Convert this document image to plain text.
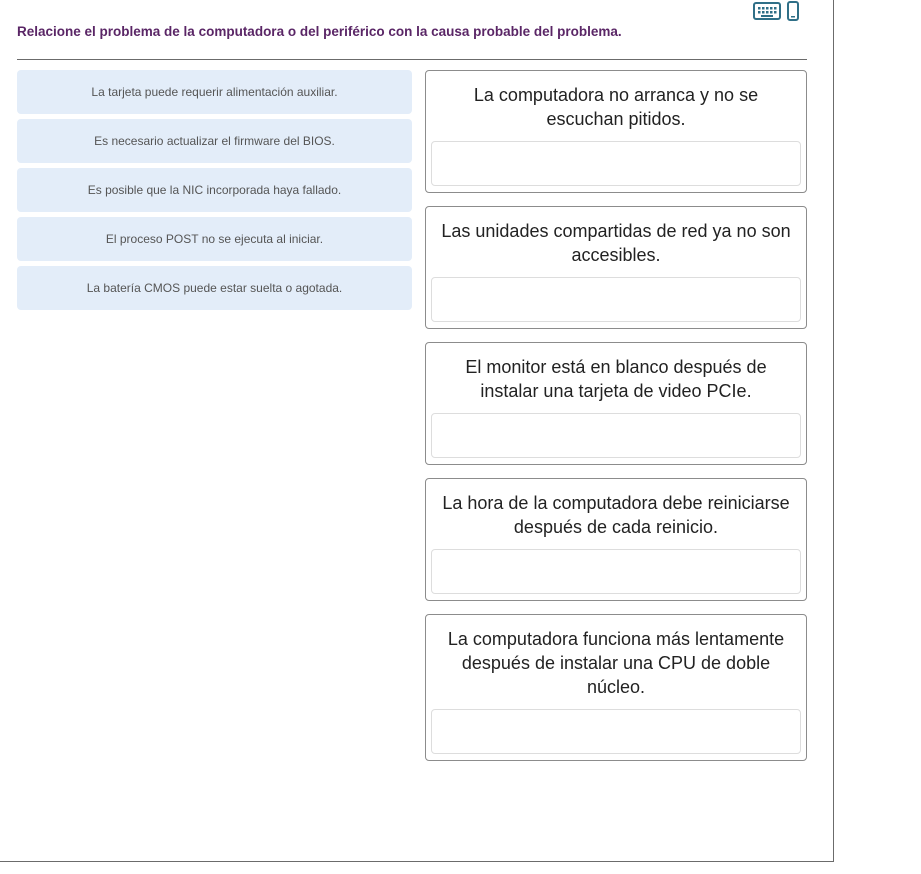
Relacione el problema de la computadora o del periférico con la causa probable del problema.

La tarjeta puede requerir alimentación auxiliar.
Es necesario actualizar el firmware del BIOS.
Es posible que la NIC incorporada haya fallado.
El proceso POST no se ejecuta al iniciar.
La batería CMOS puede estar suelta o agotada.

La computadora no arranca y no se escuchan pitidos.

Las unidades compartidas de red ya no son accesibles.

El monitor está en blanco después de instalar una tarjeta de video PCIe.

La hora de la computadora debe reiniciarse después de cada reinicio.

La computadora funciona más lentamente después de instalar una CPU de doble núcleo.
